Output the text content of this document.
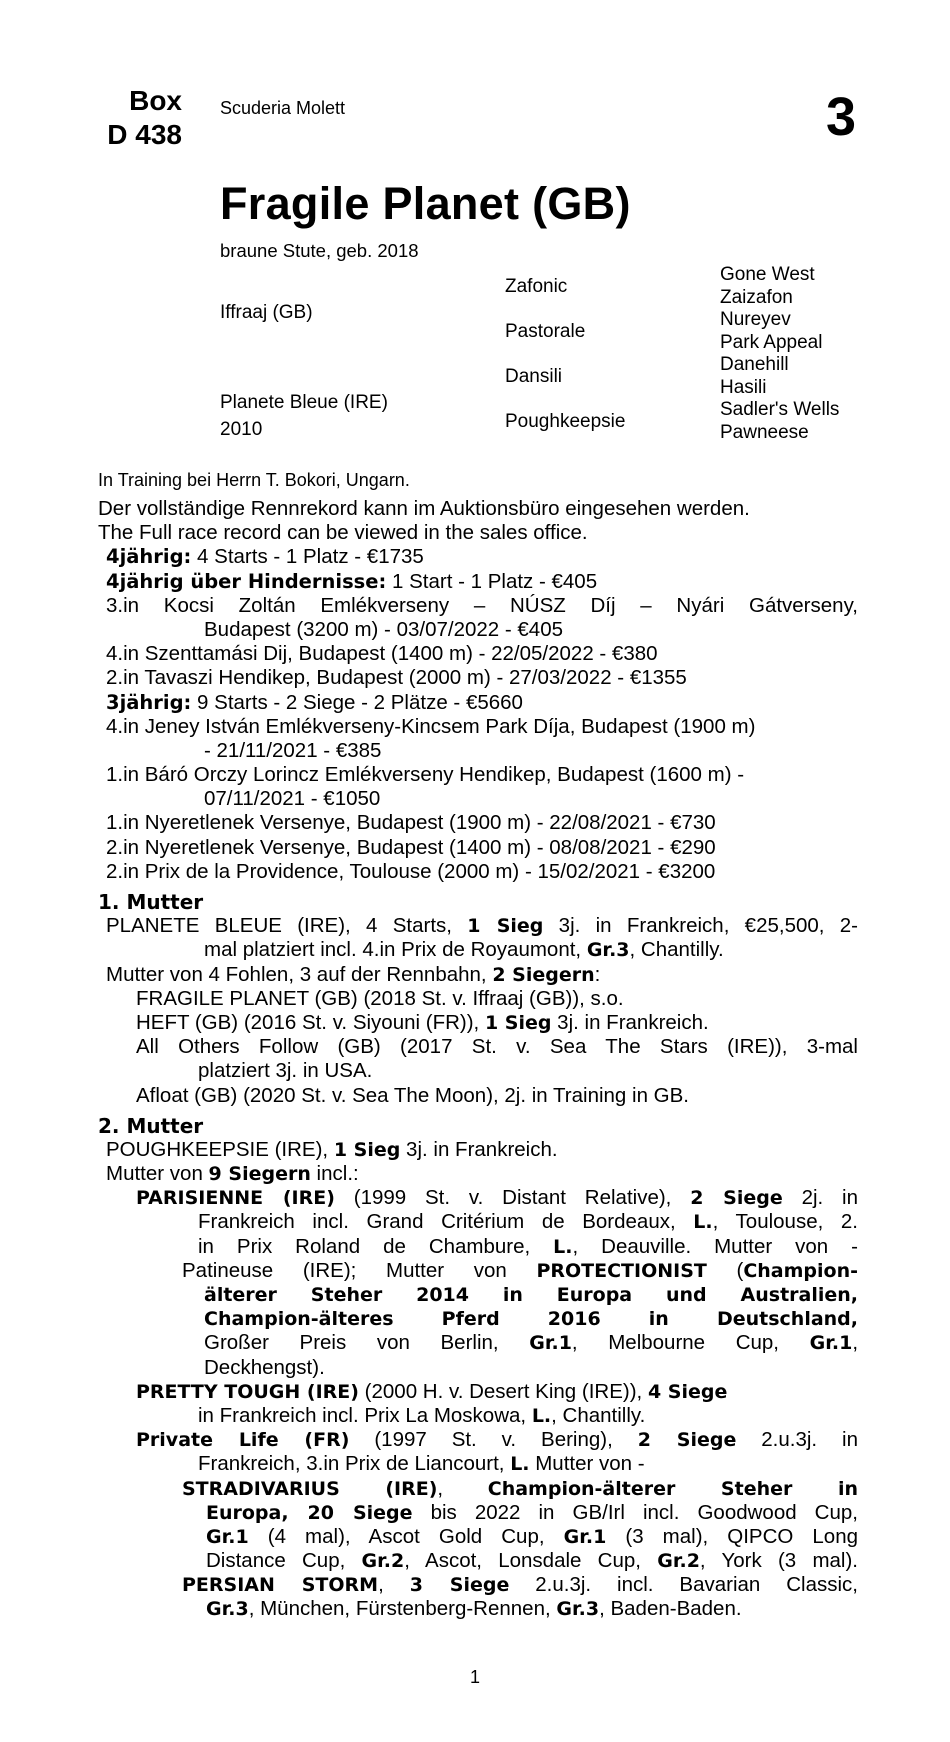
Box
D 438
Scuderia Molett	3
Fragile Planet (GB)
braune Stute, geb. 2018
Iffraaj (GB)
Planete Bleue (IRE)
2010
Zafonic
Pastorale
Dansili
Poughkeepsie
Gone West
Zaizafon
Nureyev
Park Appeal
Danehill
Hasili
Sadler's Wells
Pawneese
In Training bei Herrn T. Bokori, Ungarn.
Der vollständige Rennrekord kann im Auktionsbüro eingesehen werden.
The Full race record can be viewed in the sales office.
4jährig: 4 Starts - 1 Platz - €1735
4jährig über Hindernisse: 1 Start - 1 Platz - €405
3.in Kocsi Zoltán Emlékverseny – NÚSZ Díj – Nyári Gátverseny,
Budapest (3200 m) - 03/07/2022 - €405
4.in Szenttamási Dij, Budapest (1400 m) - 22/05/2022 - €380
2.in Tavaszi Hendikep, Budapest (2000 m) - 27/03/2022 - €1355
3jährig: 9 Starts - 2 Siege - 2 Plätze - €5660
4.in Jeney István Emlékverseny-Kincsem Park Díja, Budapest (1900 m)
- 21/11/2021 - €385
1.in Báró Orczy Lorincz Emlékverseny Hendikep, Budapest (1600 m) -
07/11/2021 - €1050
1.in Nyeretlenek Versenye, Budapest (1900 m) - 22/08/2021 - €730
2.in Nyeretlenek Versenye, Budapest (1400 m) - 08/08/2021 - €290
2.in Prix de la Providence, Toulouse (2000 m) - 15/02/2021 - €3200
1. Mutter
PLANETE BLEUE (IRE), 4 Starts, 1 Sieg 3j. in Frankreich, €25,500, 2-
mal platziert incl. 4.in Prix de Royaumont, Gr.3, Chantilly.
Mutter von 4 Fohlen, 3 auf der Rennbahn, 2 Siegern:
FRAGILE PLANET (GB) (2018 St. v. Iffraaj (GB)), s.o.
HEFT (GB) (2016 St. v. Siyouni (FR)), 1 Sieg 3j. in Frankreich.
All Others Follow (GB) (2017 St. v. Sea The Stars (IRE)), 3-mal
platziert 3j. in USA.
Afloat (GB) (2020 St. v. Sea The Moon), 2j. in Training in GB.
2. Mutter
POUGHKEEPSIE (IRE), 1 Sieg 3j. in Frankreich.
Mutter von 9 Siegern incl.:
PARISIENNE (IRE) (1999 St. v. Distant Relative), 2 Siege 2j. in
Frankreich incl. Grand Critérium de Bordeaux, L., Toulouse, 2.
in Prix Roland de Chambure, L., Deauville. Mutter von -
Patineuse (IRE); Mutter von PROTECTIONIST (Champion-
älterer Steher 2014 in Europa und Australien,
Champion-älteres Pferd 2016 in Deutschland,
Großer Preis von Berlin, Gr.1, Melbourne Cup, Gr.1,
Deckhengst).
PRETTY TOUGH (IRE) (2000 H. v. Desert King (IRE)), 4 Siege
in Frankreich incl. Prix La Moskowa, L., Chantilly.
Private Life (FR) (1997 St. v. Bering), 2 Siege 2.u.3j. in
Frankreich, 3.in Prix de Liancourt, L. Mutter von -
STRADIVARIUS (IRE), Champion-älterer Steher in
Europa, 20 Siege bis 2022 in GB/Irl incl. Goodwood Cup,
Gr.1 (4 mal), Ascot Gold Cup, Gr.1 (3 mal), QIPCO Long
Distance Cup, Gr.2, Ascot, Lonsdale Cup, Gr.2, York (3 mal).
PERSIAN STORM, 3 Siege 2.u.3j. incl. Bavarian Classic,
Gr.3, München, Fürstenberg-Rennen, Gr.3, Baden-Baden.
1
